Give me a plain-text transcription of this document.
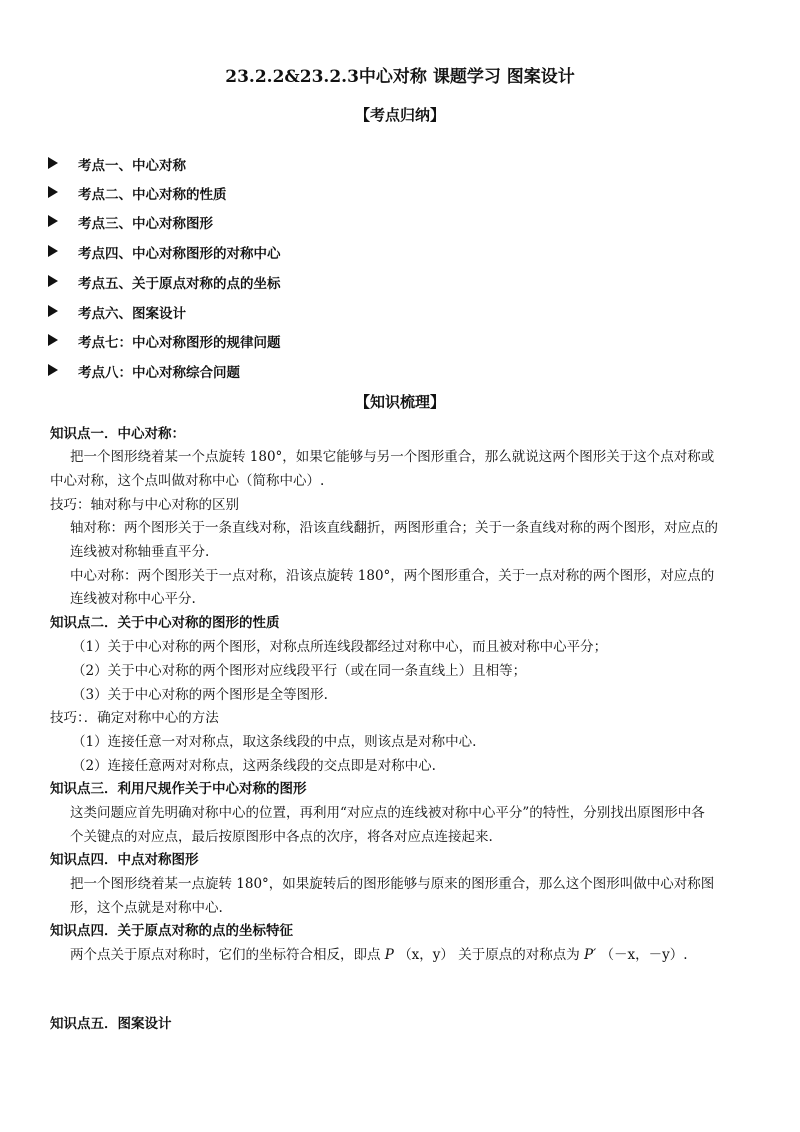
23.2.2&23.2.3中心对称 课题学习 图案设计
【考点归纳】
考点一、中心对称
考点二、中心对称的性质
考点三、中心对称图形
考点四、中心对称图形的对称中心
考点五、关于原点对称的点的坐标
考点六、图案设计
考点七：中心对称图形的规律问题
考点八：中心对称综合问题
【知识梳理】
知识点一．中心对称：
把一个图形绕着某一个点旋转 180°，如果它能够与另一个图形重合，那么就说这两个图形关于这个点对称或
中心对称，这个点叫做对称中心（简称中心）.
技巧：轴对称与中心对称的区别
轴对称：两个图形关于一条直线对称，沿该直线翻折，两图形重合；关于一条直线对称的两个图形，对应点的
连线被对称轴垂直平分.
中心对称：两个图形关于一点对称，沿该点旋转 180°，两个图形重合，关于一点对称的两个图形，对应点的
连线被对称中心平分.
知识点二．关于中心对称的图形的性质
（1）关于中心对称的两个图形，对称点所连线段都经过对称中心，而且被对称中心平分；
（2）关于中心对称的两个图形对应线段平行（或在同一条直线上）且相等；
（3）关于中心对称的两个图形是全等图形.
技巧：．确定对称中心的方法
（1）连接任意一对对称点，取这条线段的中点，则该点是对称中心.
（2）连接任意两对对称点，这两条线段的交点即是对称中心.
知识点三．利用尺规作关于中心对称的图形
这类问题应首先明确对称中心的位置，再利用“对应点的连线被对称中心平分”的特性，分别找出原图形中各
个关键点的对应点，最后按原图形中各点的次序，将各对应点连接起来.
知识点四．中点对称图形
把一个图形绕着某一点旋转 180°，如果旋转后的图形能够与原来的图形重合，那么这个图形叫做中心对称图
形，这个点就是对称中心.
知识点四．关于原点对称的点的坐标特征
两个点关于原点对称时，它们的坐标符合相反，即点 P （x，y） 关于原点的对称点为 P′ （－x，－y）.
知识点五．图案设计
